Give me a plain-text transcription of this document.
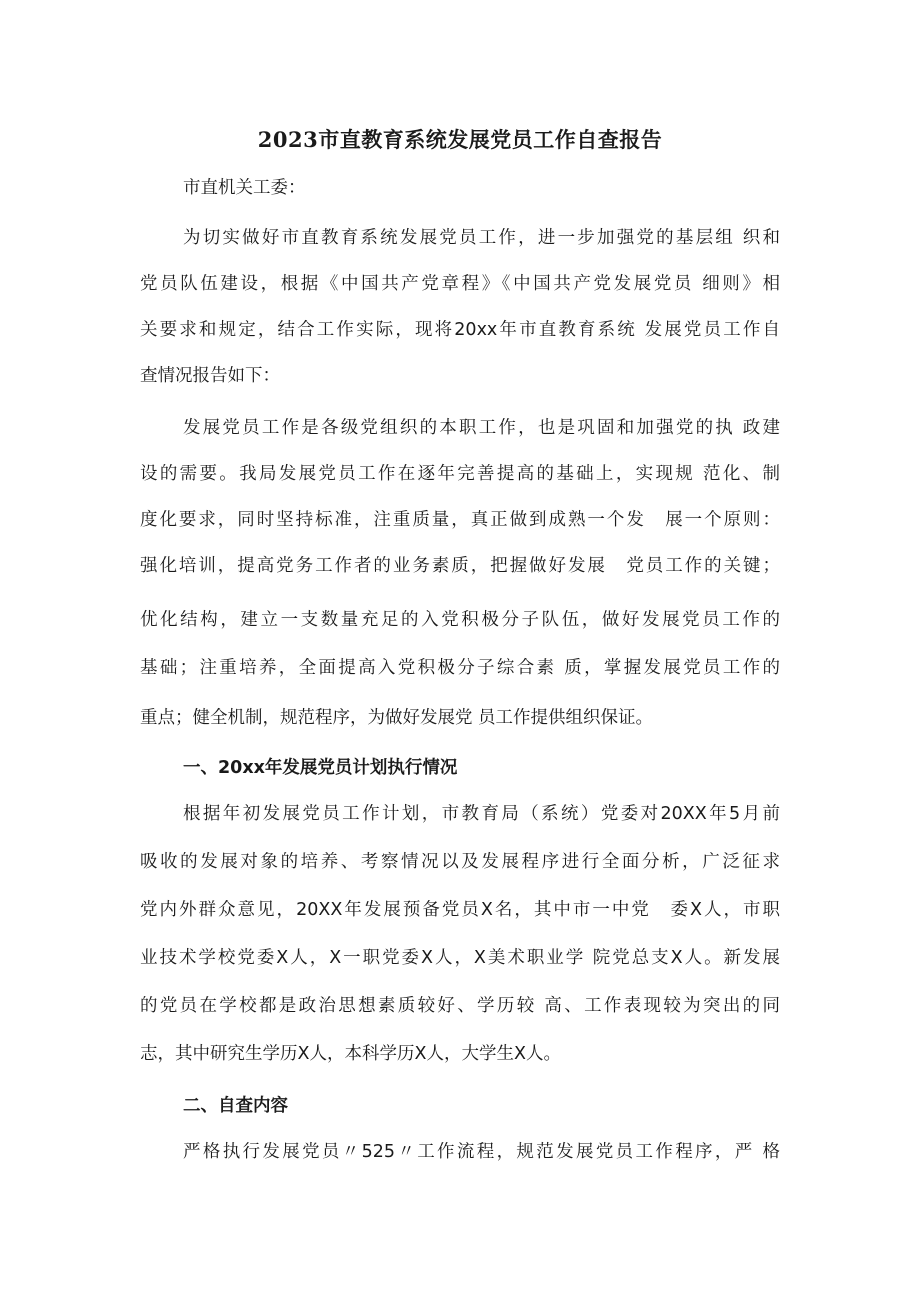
2023市直教育系统发展党员工作自查报告
市直机关工委：
为切实做好市直教育系统发展党员工作，进一步加强党的基层组 织和
党员队伍建设，根据《中国共产党章程》《中国共产党发展党员 细则》相
关要求和规定，结合工作实际，现将20xx年市直教育系统 发展党员工作自
查情况报告如下：
发展党员工作是各级党组织的本职工作，也是巩固和加强党的执 政建
设的需要。我局发展党员工作在逐年完善提高的基础上，实现规 范化、制
度化要求，同时坚持标准，注重质量，真正做到成熟一个发　展一个原则：
强化培训，提高党务工作者的业务素质，把握做好发展　党员工作的关键；
优化结构，建立一支数量充足的入党积极分子队伍，做好发展党员工作的
基础；注重培养，全面提高入党积极分子综合素 质，掌握发展党员工作的
重点；健全机制，规范程序，为做好发展党 员工作提供组织保证。
一、20xx年发展党员计划执行情况
根据年初发展党员工作计划，市教育局（系统）党委对20XX年5月前
吸收的发展对象的培养、考察情况以及发展程序进行全面分析，广泛征求
党内外群众意见，20XX年发展预备党员X名，其中市一中党　委X人，市职
业技术学校党委X人，X一职党委X人，X美术职业学 院党总支X人。新发展
的党员在学校都是政治思想素质较好、学历较 高、工作表现较为突出的同
志，其中研究生学历X人，本科学历X人，大学生X人。
二、自查内容
严格执行发展党员〃525〃工作流程，规范发展党员工作程序，严 格
